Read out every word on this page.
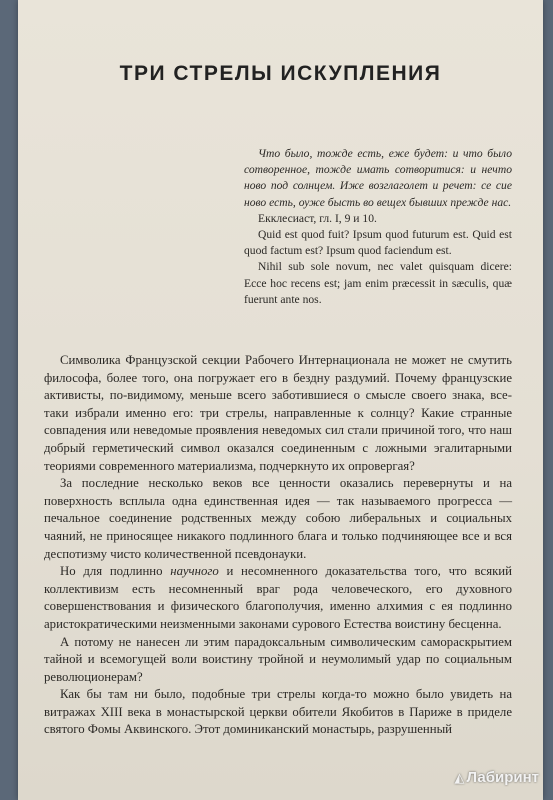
ТРИ СТРЕЛЫ ИСКУПЛЕНИЯ
Что было, тожде есть, еже будет: и что было сотворенное, тожде имать сотворитися: и нечто ново под солнцем. Иже возглаголет и речет: се сие ново есть, оуже бысть во вещех бывших прежде нас.
Екклесиаст, гл. I, 9 и 10.
Quid est quod fuit? Ipsum quod futurum est. Quid est quod factum est? Ipsum quod faciendum est.
Nihil sub sole novum, nec valet quisquam dicere: Ecce hoc recens est; jam enim præcessit in sæculis, quæ fuerunt ante nos.

Символика Французской секции Рабочего Интернационала не может не смутить философа, более того, она погружает его в бездну раздумий. Почему французские активисты, по-видимому, меньше всего заботившиеся о смысле своего знака, все-таки избрали именно его: три стрелы, направленные к солнцу? Какие странные совпадения или неведомые проявления неведомых сил стали причиной того, что наш добрый герметический символ оказался соединенным с ложными эгалитарными теориями современного материализма, подчеркнуто их опровергая?

За последние несколько веков все ценности оказались перевернуты и на поверхность всплыла одна единственная идея — так называемого прогресса — печальное соединение родственных между собою либеральных и социальных чаяний, не приносящее никакого подлинного блага и только подчиняющее все и вся деспотизму чисто количественной псевдонауки.

Но для подлинно научного и несомненного доказательства того, что всякий коллективизм есть несомненный враг рода человеческого, его духовного совершенствования и физического благополучия, именно алхимия с ея подлинно аристократическими неизменными законами сурового Естества воистину бесценна.

А потому не нанесен ли этим парадоксальным символическим самораскрытием тайной и всемогущей воли воистину тройной и неумолимый удар по социальным революционерам?

Как бы там ни было, подобные три стрелы когда-то можно было увидеть на витражах XIII века в монастырской церкви обители Якобитов в Париже в приделе святого Фомы Аквинского. Этот доминиканский монастырь, разрушенный

◭ Лабиринт
